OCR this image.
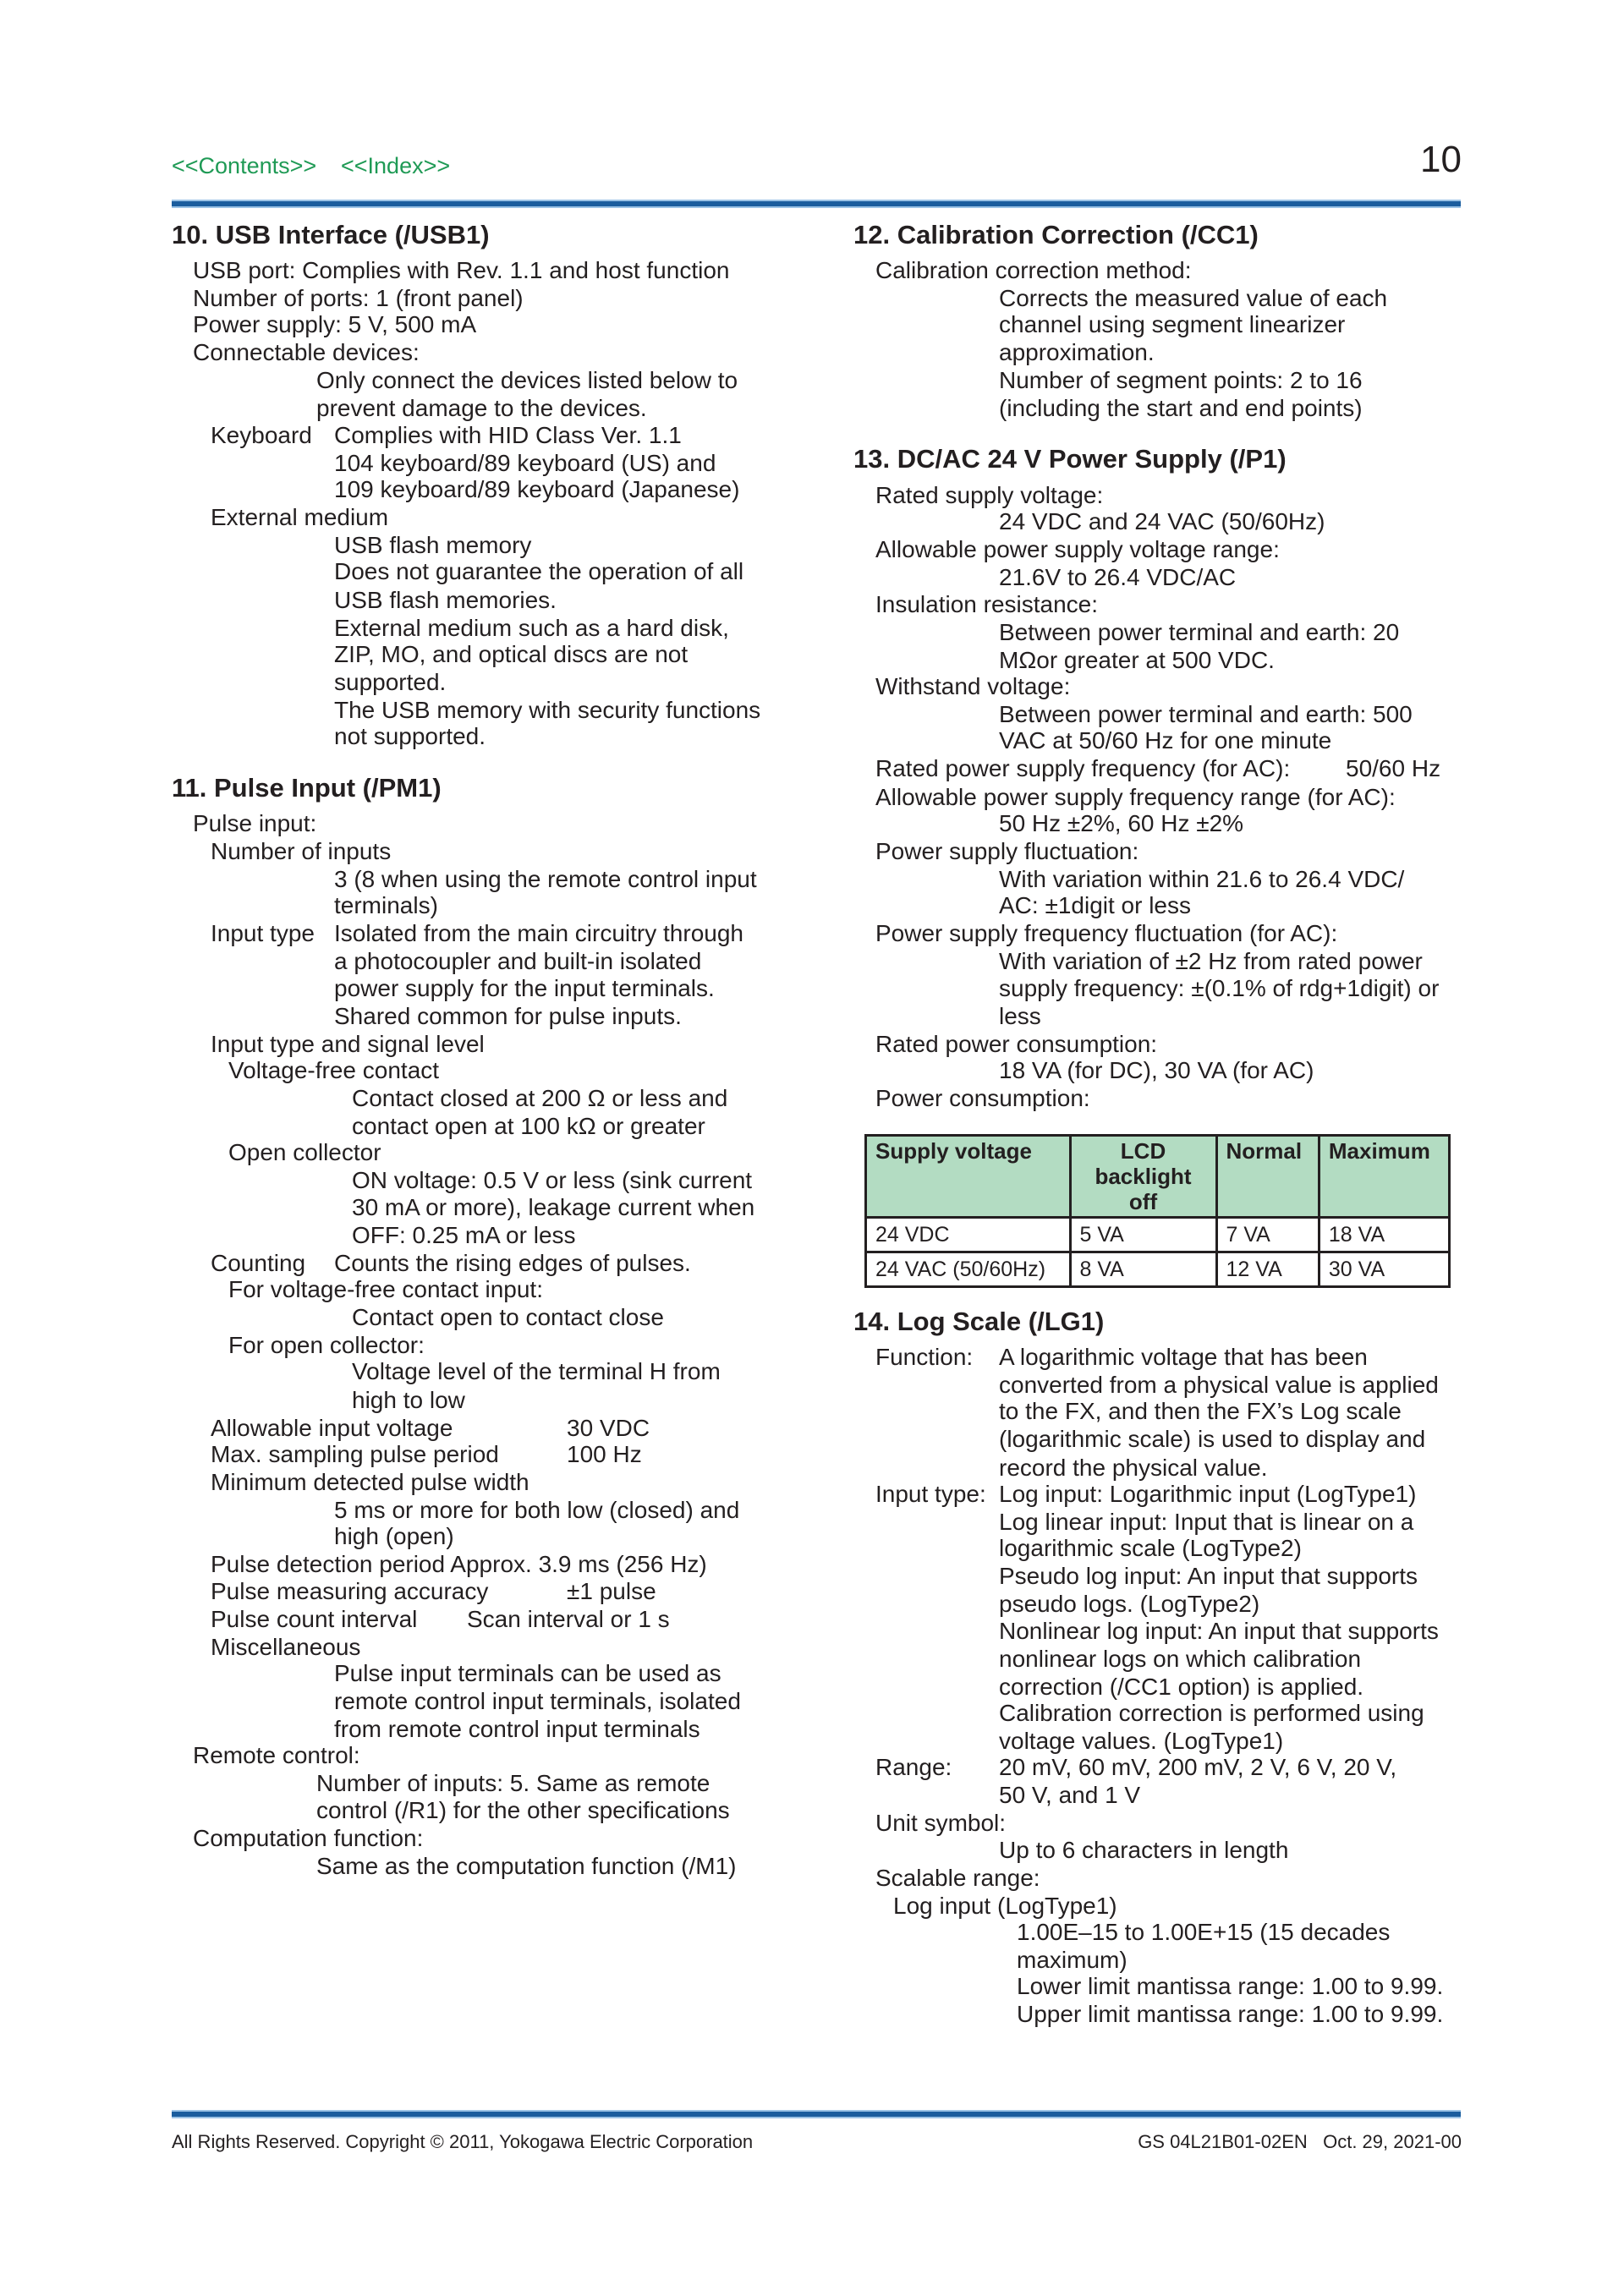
<<Contents>> <<Index>>	10
10. USB Interface (/USB1)
USB port: Complies with Rev. 1.1 and host function
Number of ports: 1 (front panel)
Power supply: 5 V, 500 mA
Connectable devices:
Only connect the devices listed below to
prevent damage to the devices.
Keyboard Complies with HID Class Ver. 1.1
104 keyboard/89 keyboard (US) and
109 keyboard/89 keyboard (Japanese)
External medium
USB flash memory
Does not guarantee the operation of all
USB flash memories.
External medium such as a hard disk,
ZIP, MO, and optical discs are not
supported.
The USB memory with security functions
not supported.
11. Pulse Input (/PM1)
Pulse input:
Number of inputs
3 (8 when using the remote control input
terminals)
Input type Isolated from the main circuitry through
a photocoupler and built-in isolated
power supply for the input terminals.
Shared common for pulse inputs.
Input type and signal level
Voltage-free contact
Contact closed at 200 Ω or less and
contact open at 100 kΩ or greater
Open collector
ON voltage: 0.5 V or less (sink current
30 mA or more), leakage current when
OFF: 0.25 mA or less
Counting Counts the rising edges of pulses.
For voltage-free contact input:
Contact open to contact close
For open collector:
Voltage level of the terminal H from
high to low
Allowable input voltage	30 VDC
Max. sampling pulse period	100 Hz
Minimum detected pulse width
5 ms or more for both low (closed) and
high (open)
Pulse detection period Approx. 3.9 ms (256 Hz)
Pulse measuring accuracy	±1 pulse
Pulse count interval Scan interval or 1 s
Miscellaneous
Pulse input terminals can be used as
remote control input terminals, isolated
from remote control input terminals
Remote control:
Number of inputs: 5. Same as remote
control (/R1) for the other specifications
Computation function:
Same as the computation function (/M1)
12. Calibration Correction (/CC1)
Calibration correction method:
Corrects the measured value of each
channel using segment linearizer
approximation.
Number of segment points: 2 to 16
(including the start and end points)
13. DC/AC 24 V Power Supply (/P1)
Rated supply voltage:
24 VDC and 24 VAC (50/60Hz)
Allowable power supply voltage range:
21.6V to 26.4 VDC/AC
Insulation resistance:
Between power terminal and earth: 20
MΩor greater at 500 VDC.
Withstand voltage:
Between power terminal and earth: 500
VAC at 50/60 Hz for one minute
Rated power supply frequency (for AC): 50/60 Hz
Allowable power supply frequency range (for AC):
50 Hz ±2%, 60 Hz ±2%
Power supply fluctuation:
With variation within 21.6 to 26.4 VDC/
AC: ±1digit or less
Power supply frequency fluctuation (for AC):
With variation of ±2 Hz from rated power
supply frequency: ±(0.1% of rdg+1digit) or
less
Rated power consumption:
18 VA (for DC), 30 VA (for AC)
Power consumption:
14. Log Scale (/LG1)
Function: A logarithmic voltage that has been
converted from a physical value is applied
to the FX, and then the FX’s Log scale
(logarithmic scale) is used to display and
record the physical value.
Input type: Log input: Logarithmic input (LogType1)
Log linear input: Input that is linear on a
logarithmic scale (LogType2)
Pseudo log input: An input that supports
pseudo logs. (LogType2)
Nonlinear log input: An input that supports
nonlinear logs on which calibration
correction (/CC1 option) is applied.
Calibration correction is performed using
voltage values. (LogType1)
Range: 20 mV, 60 mV, 200 mV, 2 V, 6 V, 20 V,
50 V, and 1 V
Unit symbol:
Up to 6 characters in length
Scalable range:
Log input (LogType1)
1.00E–15 to 1.00E+15 (15 decades
maximum)
Lower limit mantissa range: 1.00 to 9.99.
Upper limit mantissa range: 1.00 to 9.99.
Supply voltage	LCD backlight off	Normal	Maximum
24 VDC	5 VA	7 VA	18 VA
24 VAC (50/60Hz)	8 VA	12 VA	30 VA
All Rights Reserved. Copyright © 2011, Yokogawa Electric Corporation	GS 04L21B01-02EN   Oct. 29, 2021-00
